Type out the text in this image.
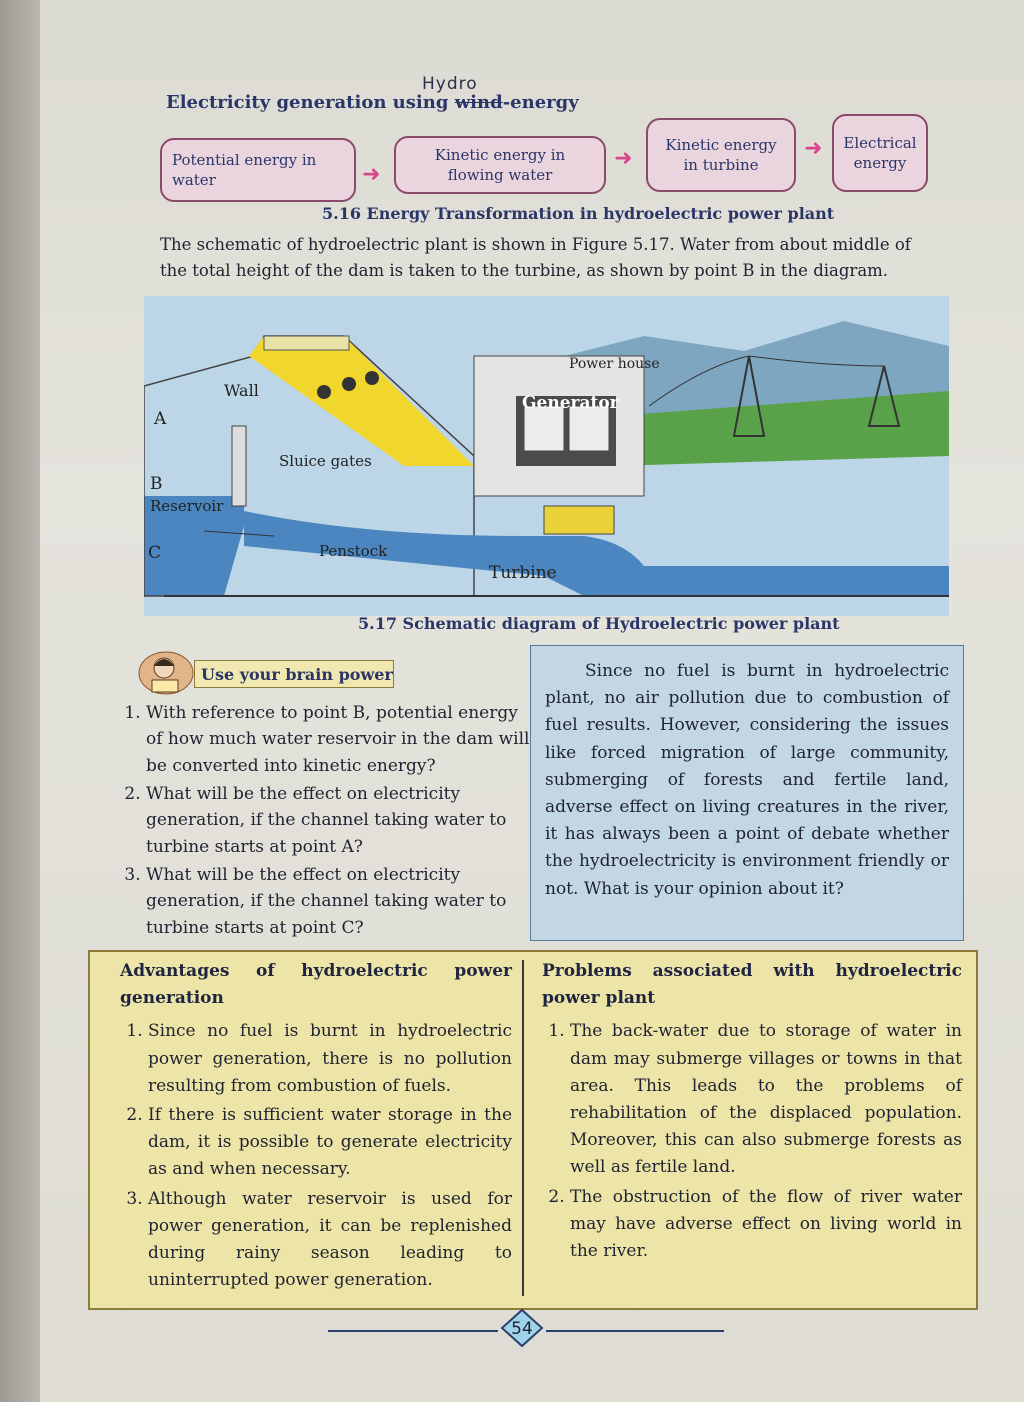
Hydro
Electricity generation using wind-energy
Potential energy in water	➜
Kinetic energy in flowing water
➜
Kinetic energy in turbine
➜	Electrical energy
5.16 Energy Transformation in hydroelectric power plant
The schematic of hydroelectric plant is shown in Figure 5.17. Water from about middle of the total height of the dam is taken to the turbine, as shown by point B in the diagram.
Wall
Sluice gates
Reservoir
Penstock
Turbine
Generator
Power house
A
B
C
5.17 Schematic diagram of Hydroelectric power plant
Use your brain power
1. With reference to point B, potential energy of how much water reservoir in the dam will be converted into kinetic energy?
2. What will be the effect on electricity generation, if the channel taking water to turbine starts at point A?
3. What will be the effect on electricity generation, if the channel taking water to turbine starts at point C?
Since no fuel is burnt in hydroelectric plant, no air pollution due to combustion of fuel results. However, considering the issues like forced migration of large community, submerging of forests and fertile land, adverse effect on living creatures in the river, it has always been a point of debate whether the hydroelectricity is environment friendly or not. What is your opinion about it?
Advantages of hydroelectric power generation
1. Since no fuel is burnt in hydroelectric power generation, there is no pollution resulting from combustion of fuels.
2. If there is sufficient water storage in the dam, it is possible to generate electricity as and when necessary.
3. Although water reservoir is used for power generation, it can be replenished during rainy season leading to uninterrupted power generation.
Problems associated with hydroelectric power plant
1. The back-water due to storage of water in dam may submerge villages or towns in that area. This leads to the problems of rehabilitation of the displaced population. Moreover, this can also submerge forests as well as fertile land.
2. The obstruction of the flow of river water may have adverse effect on living world in the river.
54
